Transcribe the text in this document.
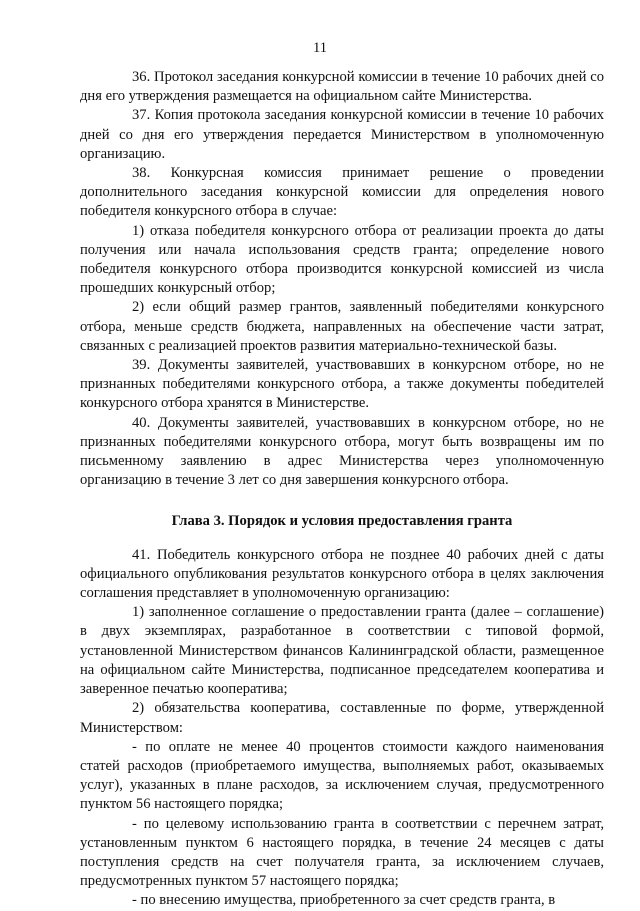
11

36. Протокол заседания конкурсной комиссии в течение 10 рабочих дней со дня его утверждения размещается на официальном сайте Министерства.

37. Копия протокола заседания конкурсной комиссии в течение 10 рабочих дней со дня его утверждения передается Министерством в уполномоченную организацию.

38. Конкурсная комиссия принимает решение о проведении дополнительного заседания конкурсной комиссии для определения нового победителя конкурсного отбора в случае:

1) отказа победителя конкурсного отбора от реализации проекта до даты получения или начала использования средств гранта; определение нового победителя конкурсного отбора производится конкурсной комиссией из числа прошедших конкурсный отбор;

2) если общий размер грантов, заявленный победителями конкурсного отбора, меньше средств бюджета, направленных на обеспечение части затрат, связанных с реализацией проектов развития материально-технической базы.

39. Документы заявителей, участвовавших в конкурсном отборе, но не признанных победителями конкурсного отбора, а также документы победителей конкурсного отбора хранятся в Министерстве.

40. Документы заявителей, участвовавших в конкурсном отборе, но не признанных победителями конкурсного отбора, могут быть возвращены им по письменному заявлению в адрес Министерства через уполномоченную организацию в течение 3 лет со дня завершения конкурсного отбора.

Глава 3. Порядок и условия предоставления гранта

41. Победитель конкурсного отбора не позднее 40 рабочих дней с даты официального опубликования результатов конкурсного отбора в целях заключения соглашения представляет в уполномоченную организацию:

1) заполненное соглашение о предоставлении гранта (далее – соглашение) в двух экземплярах, разработанное в соответствии с типовой формой, установленной Министерством финансов Калининградской области, размещенное на официальном сайте Министерства, подписанное председателем кооператива и заверенное печатью кооператива;

2) обязательства кооператива, составленные по форме, утвержденной Министерством:

- по оплате не менее 40 процентов стоимости каждого наименования статей расходов (приобретаемого имущества, выполняемых работ, оказываемых услуг), указанных в плане расходов, за исключением случая, предусмотренного пунктом 56 настоящего порядка;

- по целевому использованию гранта в соответствии с перечнем затрат, установленным пунктом 6 настоящего порядка, в течение 24 месяцев с даты поступления средств на счет получателя гранта, за исключением случаев, предусмотренных пунктом 57 настоящего порядка;

- по внесению имущества, приобретенного за счет средств гранта, в
